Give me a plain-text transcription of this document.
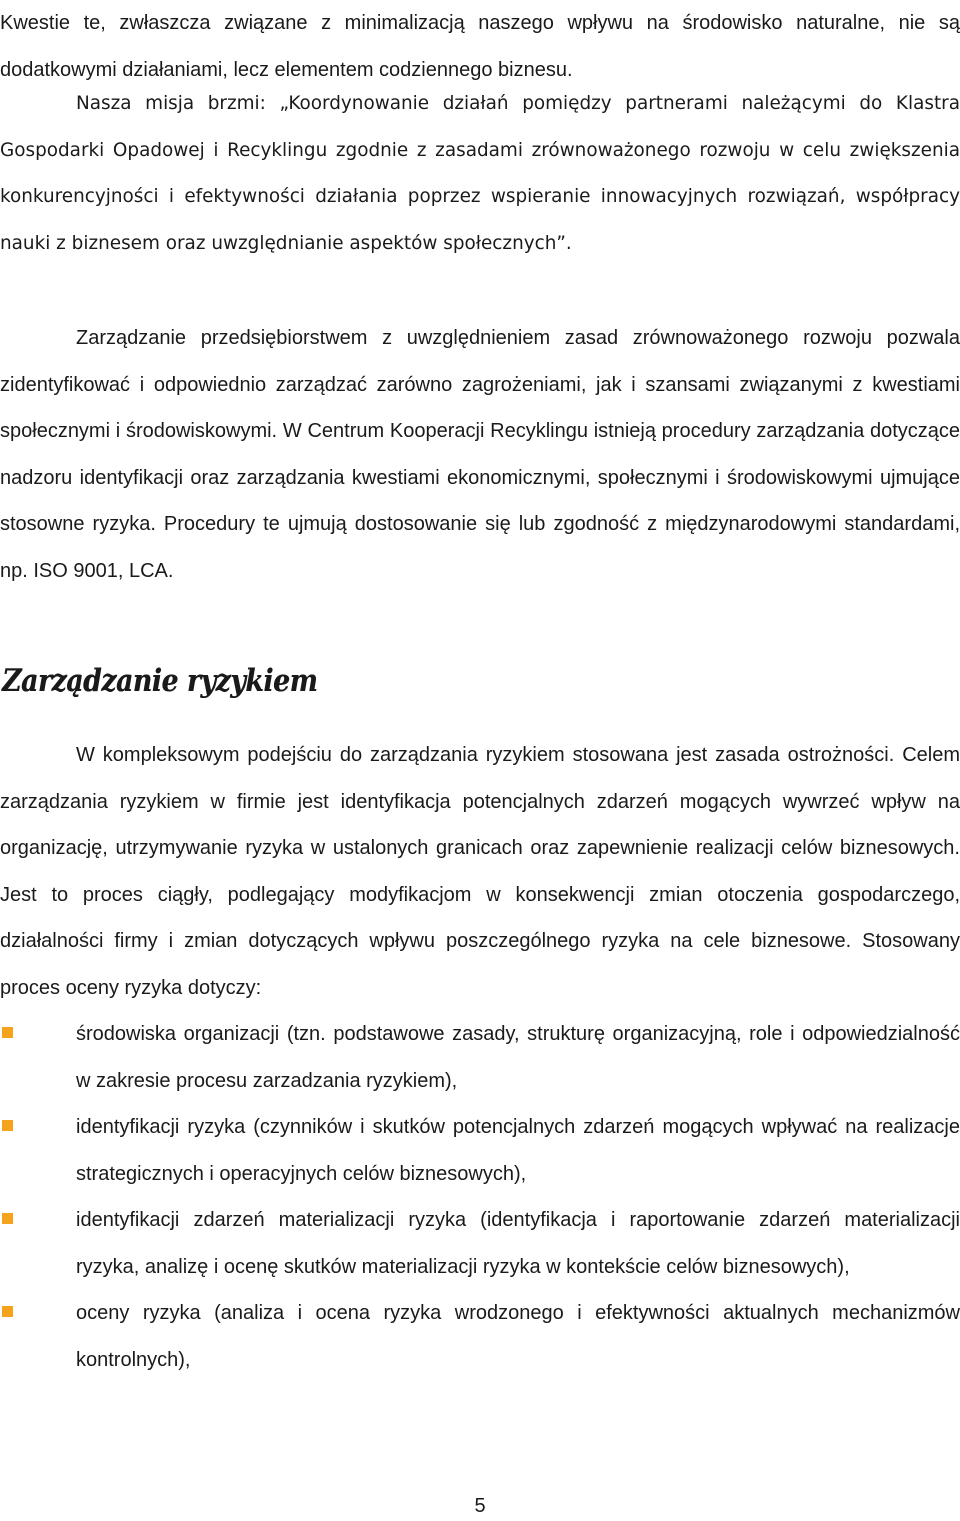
Kwestie te, zwłaszcza związane z minimalizacją naszego wpływu na środowisko naturalne, nie są dodatkowymi działaniami, lecz elementem codziennego biznesu.

Nasza misja brzmi: „Koordynowanie działań pomiędzy partnerami należącymi do Klastra Gospodarki Opadowej i Recyklingu zgodnie z zasadami zrównoważonego rozwoju w celu zwiększenia konkurencyjności i efektywności działania poprzez wspieranie innowacyjnych rozwiązań, współpracy nauki z biznesem oraz uwzględnianie aspektów społecznych”.

Zarządzanie przedsiębiorstwem z uwzględnieniem zasad zrównoważonego rozwoju pozwala zidentyfikować i odpowiednio zarządzać zarówno zagrożeniami, jak i szansami związanymi z kwestiami społecznymi i środowiskowymi. W Centrum Kooperacji Recyklingu istnieją procedury zarządzania dotyczące nadzoru identyfikacji oraz zarządzania kwestiami ekonomicznymi, społecznymi i środowiskowymi ujmujące stosowne ryzyka. Procedury te ujmują dostosowanie się lub zgodność z międzynarodowymi standardami, np. ISO 9001, LCA.

Zarządzanie ryzykiem

W kompleksowym podejściu do zarządzania ryzykiem stosowana jest zasada ostrożności. Celem zarządzania ryzykiem w firmie jest identyfikacja potencjalnych zdarzeń mogących wywrzeć wpływ na organizację, utrzymywanie ryzyka w ustalonych granicach oraz zapewnienie realizacji celów biznesowych. Jest to proces ciągły, podlegający modyfikacjom w konsekwencji zmian otoczenia gospodarczego, działalności firmy i zmian dotyczących wpływu poszczególnego ryzyka na cele biznesowe. Stosowany proces oceny ryzyka dotyczy:

środowiska organizacji (tzn. podstawowe zasady, strukturę organizacyjną, role i odpowiedzialność w zakresie procesu zarzadzania ryzykiem),
identyfikacji ryzyka (czynników i skutków potencjalnych zdarzeń mogących wpływać na realizacje strategicznych i operacyjnych celów biznesowych),
identyfikacji zdarzeń materializacji ryzyka (identyfikacja i raportowanie zdarzeń materializacji ryzyka, analizę i ocenę skutków materializacji ryzyka w kontekście celów biznesowych),
oceny ryzyka (analiza i ocena ryzyka wrodzonego i efektywności aktualnych mechanizmów kontrolnych),

5
